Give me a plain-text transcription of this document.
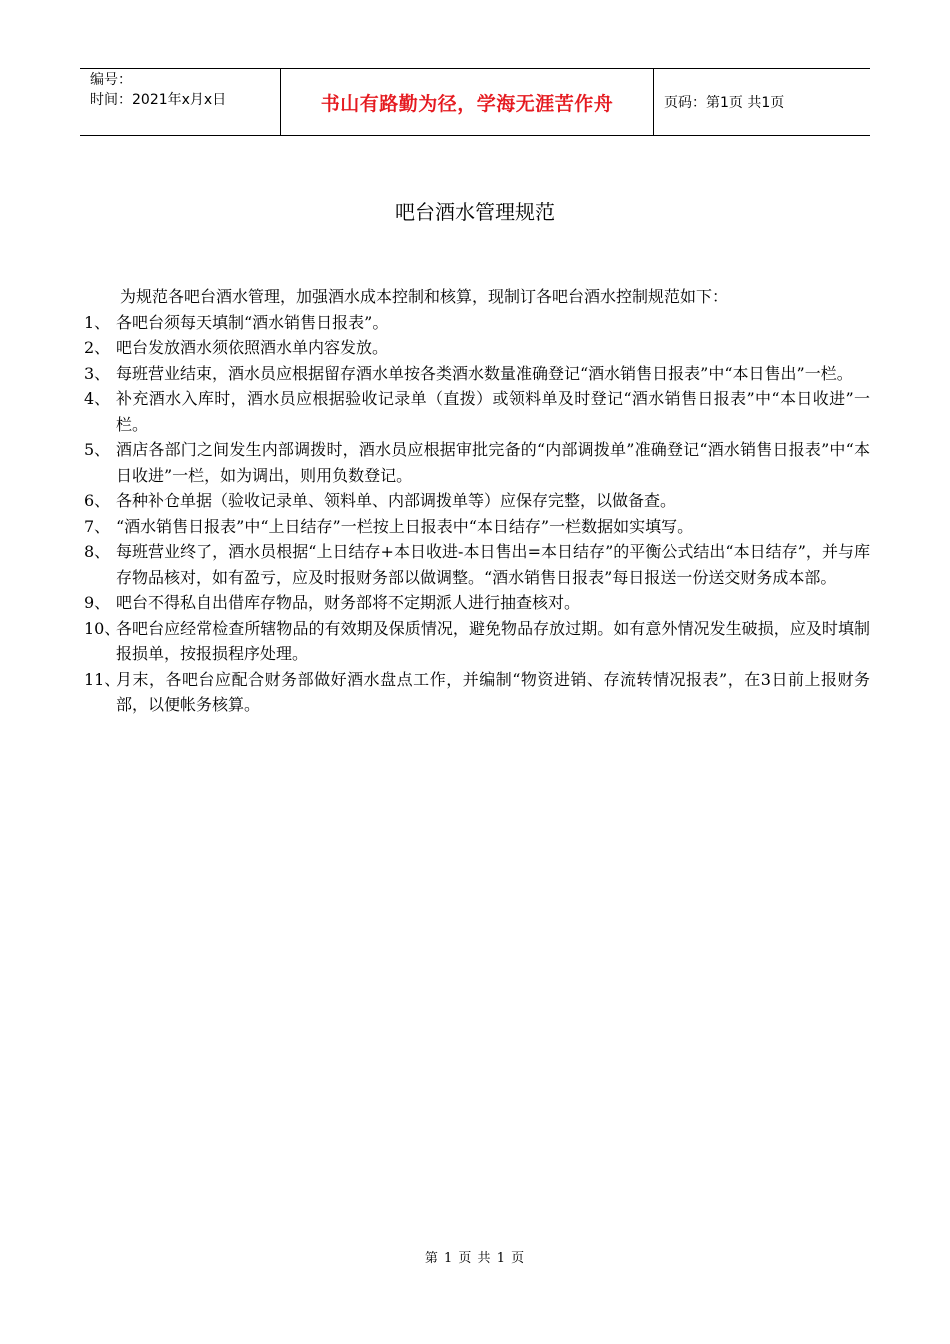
编号：
时间：2021年x月x日	书山有路勤为径，学海无涯苦作舟	页码：第1页 共1页
吧台酒水管理规范

为规范各吧台酒水管理，加强酒水成本控制和核算，现制订各吧台酒水控制规范如下：

1、 各吧台须每天填制“酒水销售日报表”。
2、 吧台发放酒水须依照酒水单内容发放。
3、 每班营业结束，酒水员应根据留存酒水单按各类酒水数量准确登记“酒水销售日报表”中“本日售出”一栏。
4、 补充酒水入库时，酒水员应根据验收记录单（直拨）或领料单及时登记“酒水销售日报表”中“本日收进”一栏。
5、 酒店各部门之间发生内部调拨时，酒水员应根据审批完备的“内部调拨单”准确登记“酒水销售日报表”中“本日收进”一栏，如为调出，则用负数登记。
6、 各种补仓单据（验收记录单、领料单、内部调拨单等）应保存完整，以做备查。
7、 “酒水销售日报表”中“上日结存”一栏按上日报表中“本日结存”一栏数据如实填写。
8、 每班营业终了，酒水员根据“上日结存+本日收进-本日售出=本日结存”的平衡公式结出“本日结存”，并与库存物品核对，如有盈亏，应及时报财务部以做调整。“酒水销售日报表”每日报送一份送交财务成本部。
9、 吧台不得私自出借库存物品，财务部将不定期派人进行抽查核对。
10、
各吧台应经常检查所辖物品的有效期及保质情况，避免物品存放过期。如有意外情况发生破损，应及时填制报损单，按报损程序处理。
11、
月末，各吧台应配合财务部做好酒水盘点工作，并编制“物资进销、存流转情况报表”，在3日前上报财务部，以便帐务核算。
第 1 页 共 1 页
